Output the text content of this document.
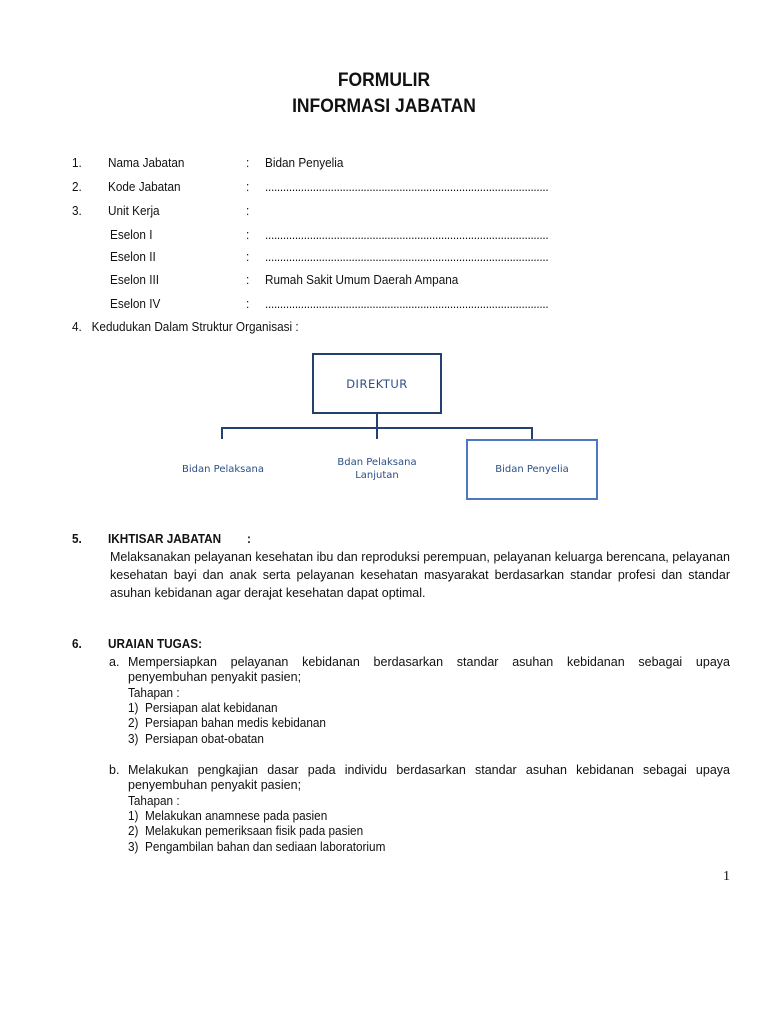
FORMULIR
INFORMASI JABATAN
1. Nama Jabatan	: Bidan Penyelia
2. Kode Jabatan	: ...............................................................................................
3. Unit Kerja	:
Eselon I	: ...............................................................................................
Eselon II	: ...............................................................................................
Eselon III	: Rumah Sakit Umum Daerah Ampana
Eselon IV	: ...............................................................................................
4.   Kedudukan Dalam Struktur Organisasi :
DIREKTUR
Bidan Pelaksana
Bdan Pelaksana Lanjutan
Bidan Penyelia
5. IKHTISAR JABATAN :
Melaksanakan pelayanan kesehatan ibu dan reproduksi perempuan, pelayanan keluarga berencana, pelayanan kesehatan bayi dan anak serta pelayanan kesehatan masyarakat berdasarkan standar profesi dan standar asuhan kebidanan agar derajat kesehatan dapat optimal.
6. URAIAN TUGAS:
a. Mempersiapkan pelayanan kebidanan berdasarkan standar asuhan kebidanan sebagai upaya penyembuhan penyakit pasien;
Tahapan :
1)  Persiapan alat kebidanan
2)  Persiapan bahan medis kebidanan
3)  Persiapan obat-obatan
b. Melakukan pengkajian dasar pada individu berdasarkan standar asuhan kebidanan sebagai upaya penyembuhan penyakit pasien;
Tahapan :
1)  Melakukan anamnese pada pasien
2)  Melakukan pemeriksaan fisik pada pasien
3)  Pengambilan bahan dan sediaan laboratorium
1
